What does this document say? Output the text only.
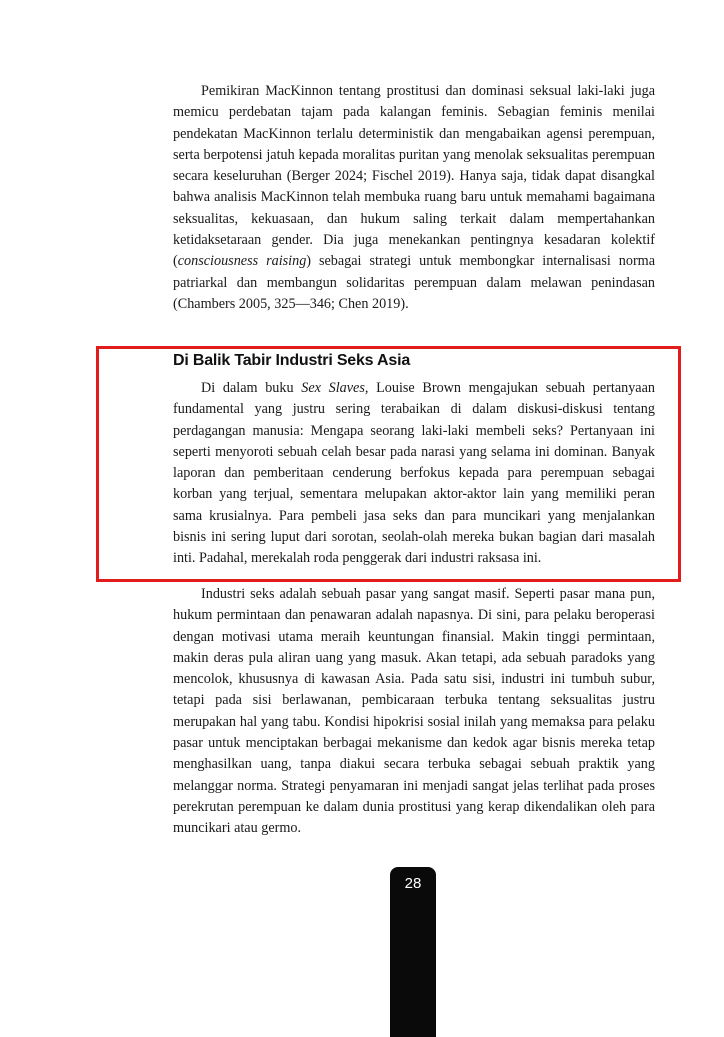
Pemikiran MacKinnon tentang prostitusi dan dominasi seksual laki-laki juga memicu perdebatan tajam pada kalangan feminis. Sebagian feminis menilai pendekatan MacKinnon terlalu deterministik dan mengabaikan agensi perempuan, serta berpotensi jatuh kepada moralitas puritan yang menolak seksualitas perempuan secara keseluruhan (Berger 2024; Fischel 2019). Hanya saja, tidak dapat disangkal bahwa analisis MacKinnon telah membuka ruang baru untuk memahami bagaimana seksualitas, kekuasaan, dan hukum saling terkait dalam mempertahankan ketidaksetaraan gender. Dia juga menekankan pentingnya kesadaran kolektif (consciousness raising) sebagai strategi untuk membongkar internalisasi norma patriarkal dan membangun solidaritas perempuan dalam melawan penindasan (Chambers 2005, 325—346; Chen 2019).

Di Balik Tabir Industri Seks Asia

Di dalam buku Sex Slaves, Louise Brown mengajukan sebuah pertanyaan fundamental yang justru sering terabaikan di dalam diskusi-diskusi tentang perdagangan manusia: Mengapa seorang laki-laki membeli seks? Pertanyaan ini seperti menyoroti sebuah celah besar pada narasi yang selama ini dominan. Banyak laporan dan pemberitaan cenderung berfokus kepada para perempuan sebagai korban yang terjual, sementara melupakan aktor-aktor lain yang memiliki peran sama krusialnya. Para pembeli jasa seks dan para muncikari yang menjalankan bisnis ini sering luput dari sorotan, seolah-olah mereka bukan bagian dari masalah inti. Padahal, merekalah roda penggerak dari industri raksasa ini.

Industri seks adalah sebuah pasar yang sangat masif. Seperti pasar mana pun, hukum permintaan dan penawaran adalah napasnya. Di sini, para pelaku beroperasi dengan motivasi utama meraih keuntungan finansial. Makin tinggi permintaan, makin deras pula aliran uang yang masuk. Akan tetapi, ada sebuah paradoks yang mencolok, khususnya di kawasan Asia. Pada satu sisi, industri ini tumbuh subur, tetapi pada sisi berlawanan, pembicaraan terbuka tentang seksualitas justru merupakan hal yang tabu. Kondisi hipokrisi sosial inilah yang memaksa para pelaku pasar untuk menciptakan berbagai mekanisme dan kedok agar bisnis mereka tetap menghasilkan uang, tanpa diakui secara terbuka sebagai sebuah praktik yang melanggar norma. Strategi penyamaran ini menjadi sangat jelas terlihat pada proses perekrutan perempuan ke dalam dunia prostitusi yang kerap dikendalikan oleh para muncikari atau germo.

28
